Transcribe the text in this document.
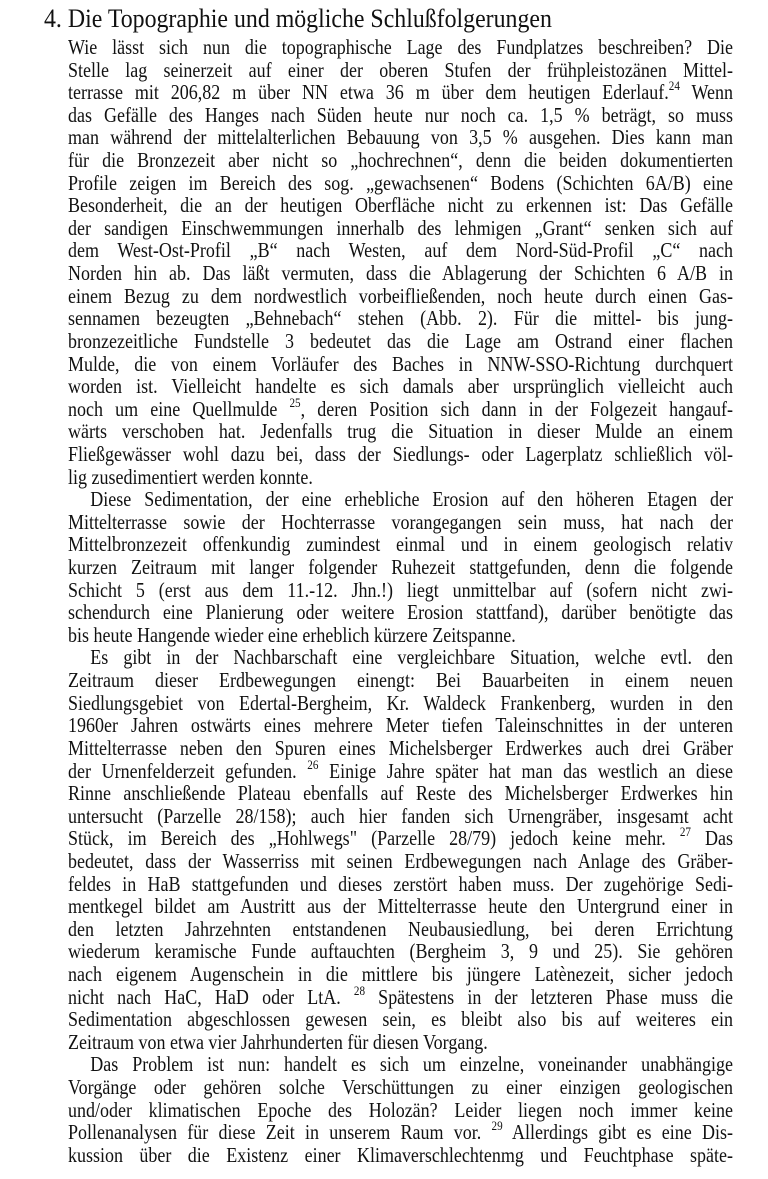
4. Die Topographie und mögliche Schlußfolgerungen
Wie lässt sich nun die topographische Lage des Fundplatzes beschreiben? Die
Stelle lag seinerzeit auf einer der oberen Stufen der frühpleistozänen Mittel-
terrasse mit 206,82 m über NN etwa 36 m über dem heutigen Ederlauf.$^{24}$ Wenn
das Gefälle des Hanges nach Süden heute nur noch ca. 1,5 % beträgt, so muss
man während der mittelalterlichen Bebauung von 3,5 % ausgehen. Dies kann man
für die Bronzezeit aber nicht so „hochrechnen“, denn die beiden dokumentierten
Profile zeigen im Bereich des sog. „gewachsenen“ Bodens (Schichten 6A/B) eine
Besonderheit, die an der heutigen Oberfläche nicht zu erkennen ist: Das Gefälle
der sandigen Einschwemmungen innerhalb des lehmigen „Grant“ senken sich auf
dem West-Ost-Profil „B“ nach Westen, auf dem Nord-Süd-Profil „C“ nach
Norden hin ab. Das läßt vermuten, dass die Ablagerung der Schichten 6 A/B in
einem Bezug zu dem nordwestlich vorbeifließenden, noch heute durch einen Gas-
sennamen bezeugten „Behnebach“ stehen (Abb. 2). Für die mittel- bis jung-
bronzezeitliche Fundstelle 3 bedeutet das die Lage am Ostrand einer flachen
Mulde, die von einem Vorläufer des Baches in NNW-SSO-Richtung durchquert
worden ist. Vielleicht handelte es sich damals aber ursprünglich vielleicht auch
noch um eine Quellmulde $^{25}$, deren Position sich dann in der Folgezeit hangauf-
wärts verschoben hat. Jedenfalls trug die Situation in dieser Mulde an einem
Fließgewässer wohl dazu bei, dass der Siedlungs- oder Lagerplatz schließlich völ-
lig zusedimentiert werden konnte.
Diese Sedimentation, der eine erhebliche Erosion auf den höheren Etagen der
Mittelterrasse sowie der Hochterrasse vorangegangen sein muss, hat nach der
Mittelbronzezeit offenkundig zumindest einmal und in einem geologisch relativ
kurzen Zeitraum mit langer folgender Ruhezeit stattgefunden, denn die folgende
Schicht 5 (erst aus dem 11.-12. Jhn.!) liegt unmittelbar auf (sofern nicht zwi-
schendurch eine Planierung oder weitere Erosion stattfand), darüber benötigte das
bis heute Hangende wieder eine erheblich kürzere Zeitspanne.
Es gibt in der Nachbarschaft eine vergleichbare Situation, welche evtl. den
Zeitraum dieser Erdbewegungen einengt: Bei Bauarbeiten in einem neuen
Siedlungsgebiet von Edertal-Bergheim, Kr. Waldeck Frankenberg, wurden in den
1960er Jahren ostwärts eines mehrere Meter tiefen Taleinschnittes in der unteren
Mittelterrasse neben den Spuren eines Michelsberger Erdwerkes auch drei Gräber
der Urnenfelderzeit gefunden. $^{26}$ Einige Jahre später hat man das westlich an diese
Rinne anschließende Plateau ebenfalls auf Reste des Michelsberger Erdwerkes hin
untersucht (Parzelle 28/158); auch hier fanden sich Urnengräber, insgesamt acht
Stück, im Bereich des „Hohlwegs" (Parzelle 28/79) jedoch keine mehr. $^{27}$ Das
bedeutet, dass der Wasserriss mit seinen Erdbewegungen nach Anlage des Gräber-
feldes in HaB stattgefunden und dieses zerstört haben muss. Der zugehörige Sedi-
mentkegel bildet am Austritt aus der Mittelterrasse heute den Untergrund einer in
den letzten Jahrzehnten entstandenen Neubausiedlung, bei deren Errichtung
wiederum keramische Funde auftauchten (Bergheim 3, 9 und 25). Sie gehören
nach eigenem Augenschein in die mittlere bis jüngere Latènezeit, sicher jedoch
nicht nach HaC, HaD oder LtA. $^{28}$ Spätestens in der letzteren Phase muss die
Sedimentation abgeschlossen gewesen sein, es bleibt also bis auf weiteres ein
Zeitraum von etwa vier Jahrhunderten für diesen Vorgang.
Das Problem ist nun: handelt es sich um einzelne, voneinander unabhängige
Vorgänge oder gehören solche Verschüttungen zu einer einzigen geologischen
und/oder klimatischen Epoche des Holozän? Leider liegen noch immer keine
Pollenanalysen für diese Zeit in unserem Raum vor. $^{29}$ Allerdings gibt es eine Dis-
kussion über die Existenz einer Klimaverschlechtenmg und Feuchtphase späte-
